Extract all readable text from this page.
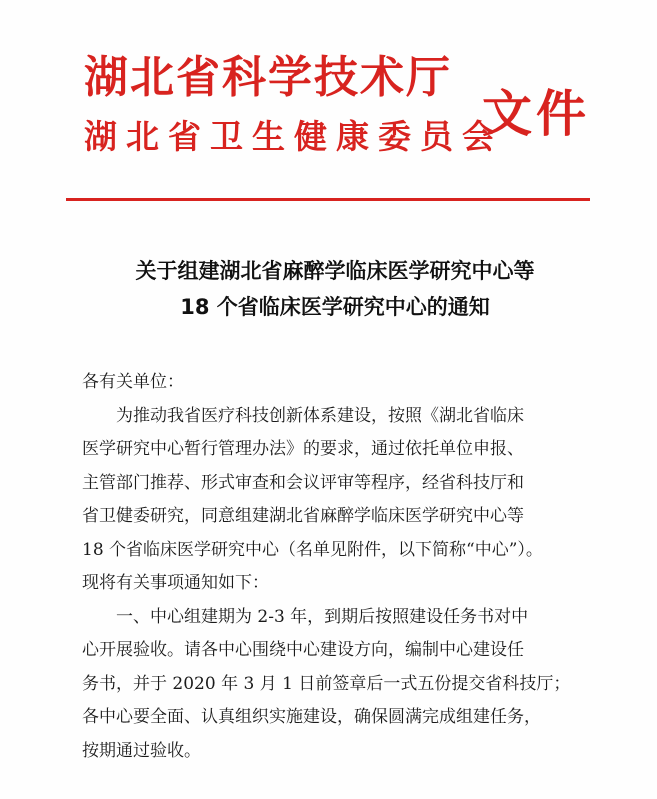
湖北省科学技术厅
湖北省卫生健康委员会
文件
关于组建湖北省麻醉学临床医学研究中心等
18 个省临床医学研究中心的通知
各有关单位：
为推动我省医疗科技创新体系建设，按照《湖北省临床
医学研究中心暂行管理办法》的要求，通过依托单位申报、
主管部门推荐、形式审查和会议评审等程序，经省科技厅和
省卫健委研究，同意组建湖北省麻醉学临床医学研究中心等
18 个省临床医学研究中心（名单见附件，以下简称“中心”）。
现将有关事项通知如下：
一、中心组建期为 2-3 年，到期后按照建设任务书对中
心开展验收。请各中心围绕中心建设方向，编制中心建设任
务书，并于 2020 年 3 月 1 日前签章后一式五份提交省科技厅；
各中心要全面、认真组织实施建设，确保圆满完成组建任务，
按期通过验收。
